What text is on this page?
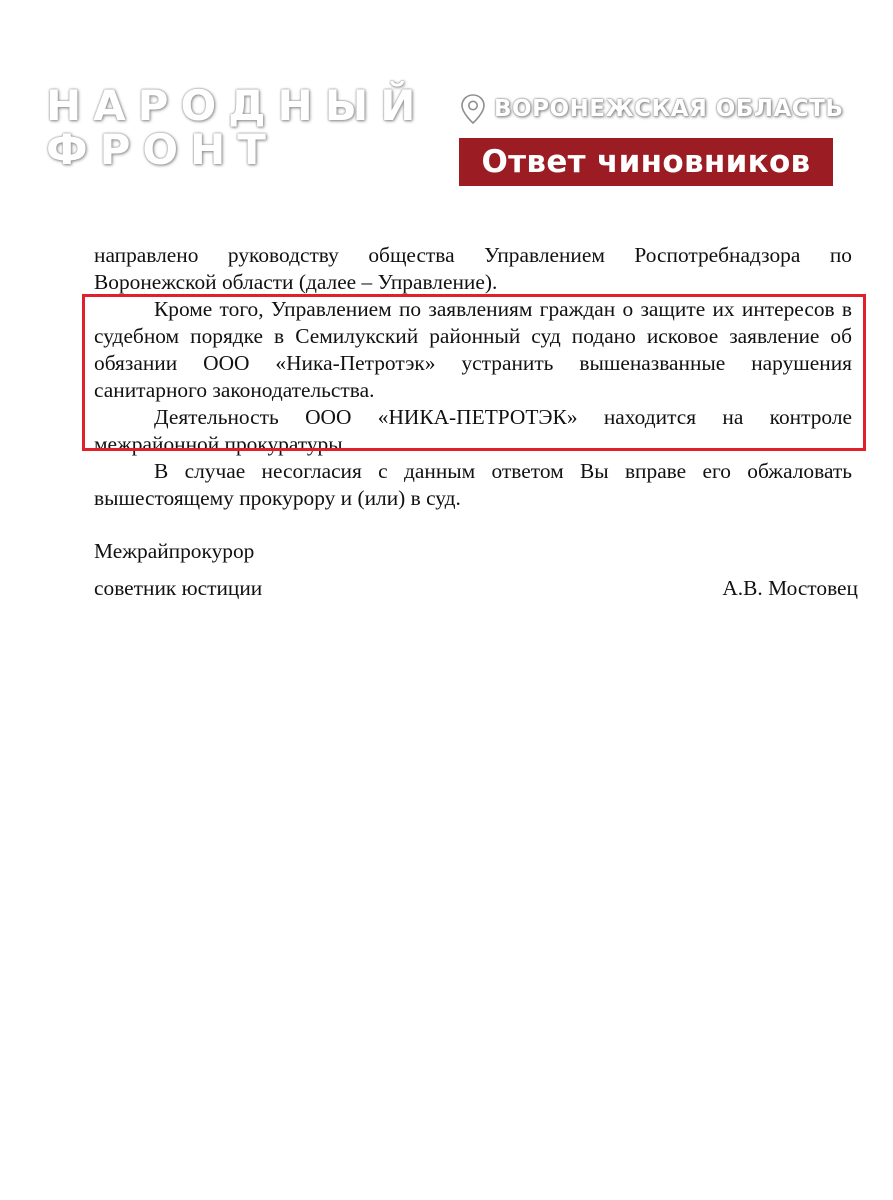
НАРОДНЫЙ
ФРОНТ
ВОРОНЕЖСКАЯ ОБЛАСТЬ
Ответ чиновников

направлено руководству общества Управлением Роспотребнадзора по Воронежской области (далее – Управление).

Кроме того, Управлением по заявлениям граждан о защите их интересов в судебном порядке в Семилукский районный суд подано исковое заявление об обязании ООО «Ника-Петротэк» устранить вышеназванные нарушения санитарного законодательства.

Деятельность ООО «НИКА-ПЕТРОТЭК» находится на контроле межрайонной прокуратуры.

В случае несогласия с данным ответом Вы вправе его обжаловать вышестоящему прокурору и (или) в суд.

Межрайпрокурор
советник юстиции	А.В. Мостовец
